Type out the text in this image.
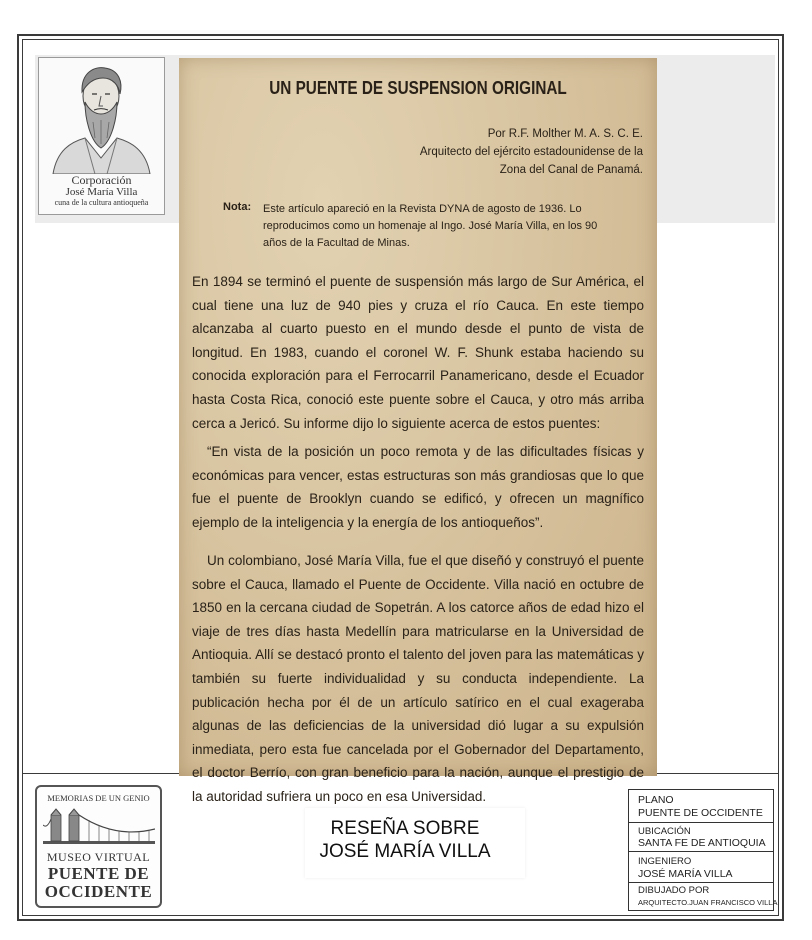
Corporación
José María Villa
cuna de la cultura antioqueña
UN PUENTE DE SUSPENSION ORIGINAL
Por R.F. Molther M. A. S. C. E.
Arquitecto del ejército estadounidense de la
Zona del Canal de Panamá.
Nota: Este artículo apareció en la Revista DYNA de agosto de 1936. Lo reproducimos como un homenaje al Ingo. José María Villa, en los 90 años de la Facultad de Minas.
En 1894 se terminó el puente de suspensión más largo de Sur América, el cual tiene una luz de 940 pies y cruza el río Cauca. En este tiempo alcanzaba al cuarto puesto en el mundo desde el punto de vista de longitud. En 1983, cuando el coronel W. F. Shunk estaba haciendo su conocida exploración para el Ferrocarril Panamericano, desde el Ecuador hasta Costa Rica, conoció este puente sobre el Cauca, y otro más arriba cerca a Jericó. Su informe dijo lo siguiente acerca de estos puentes:
“En vista de la posición un poco remota y de las dificultades físicas y económicas para vencer, estas estructuras son más grandiosas que lo que fue el puente de Brooklyn cuando se edificó, y ofrecen un magnífico ejemplo de la inteligencia y la energía de los antioqueños”.
Un colombiano, José María Villa, fue el que diseñó y construyó el puente sobre el Cauca, llamado el Puente de Occidente. Villa nació en octubre de 1850 en la cercana ciudad de Sopetrán. A los catorce años de edad hizo el viaje de tres días hasta Medellín para matricularse en la Universidad de Antioquia. Allí se destacó pronto el talento del joven para las matemáticas y también su fuerte individualidad y su conducta independiente. La publicación hecha por él de un artículo satírico en el cual exageraba algunas de las deficiencias de la universidad dió lugar a su expulsión inmediata, pero esta fue cancelada por el Gobernador del Departamento, el doctor Berrío, con gran beneficio para la nación, aunque el prestigio de la autoridad sufriera un poco en esa Universidad.
MEMORIAS DE UN GENIO
MUSEO VIRTUAL
PUENTE DE
OCCIDENTE
RESEÑA SOBRE
JOSÉ MARÍA VILLA
PLANO
PUENTE DE OCCIDENTE
UBICACIÓN
SANTA FE DE ANTIOQUIA
INGENIERO
JOSÉ MARÍA VILLA
DIBUJADO POR
ARQUITECTO.JUAN FRANCISCO VILLA
